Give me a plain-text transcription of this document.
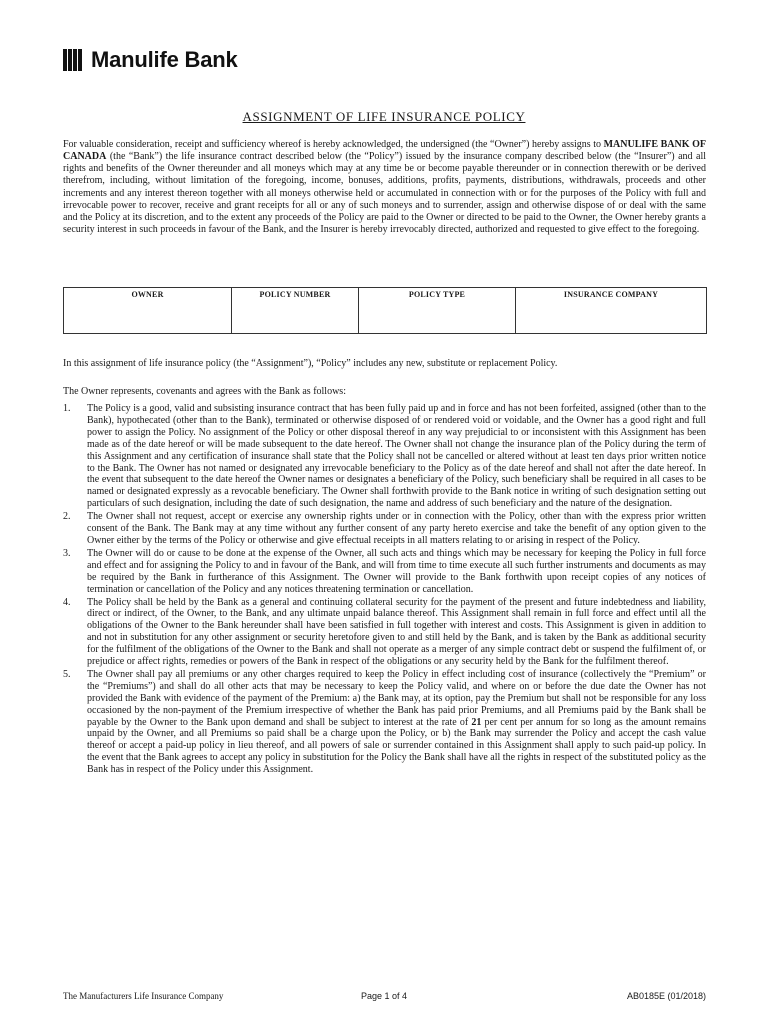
Manulife Bank
ASSIGNMENT OF LIFE INSURANCE POLICY

For valuable consideration, receipt and sufficiency whereof is hereby acknowledged, the undersigned (the “Owner”) hereby assigns to MANULIFE BANK OF CANADA (the “Bank”) the life insurance contract described below (the “Policy”) issued by the insurance company described below (the “Insurer”) and all rights and benefits of the Owner thereunder and all moneys which may at any time be or become payable thereunder or in connection therewith or be derived therefrom, including, without limitation of the foregoing, income, bonuses, additions, profits, payments, distributions, withdrawals, proceeds and other increments and any interest thereon together with all moneys otherwise held or accumulated in connection with or for the purposes of the Policy with full and irrevocable power to recover, receive and grant receipts for all or any of such moneys and to surrender, assign and otherwise dispose of or deal with the same and the Policy at its discretion, and to the extent any proceeds of the Policy are paid to the Owner or directed to be paid to the Owner, the Owner hereby grants a security interest in such proceeds in favour of the Bank, and the Insurer is hereby irrevocably directed, authorized and requested to give effect to the foregoing.

OWNER	POLICY NUMBER	POLICY TYPE	INSURANCE COMPANY
In this assignment of life insurance policy (the “Assignment”), “Policy” includes any new, substitute or replacement Policy.
The Owner represents, covenants and agrees with the Bank as follows:
1. The Policy is a good, valid and subsisting insurance contract that has been fully paid up and in force and has not been forfeited, assigned (other than to the Bank), hypothecated (other than to the Bank), terminated or otherwise disposed of or rendered void or voidable, and the Owner has a good right and full power to assign the Policy. No assignment of the Policy or other disposal thereof in any way prejudicial to or inconsistent with this Assignment has been made as of the date hereof or will be made subsequent to the date hereof. The Owner shall not change the insurance plan of the Policy during the term of this Assignment and any certification of insurance shall state that the Policy shall not be cancelled or altered without at least ten days prior written notice to the Bank. The Owner has not named or designated any irrevocable beneficiary to the Policy as of the date hereof and shall not after the date hereof. In the event that subsequent to the date hereof the Owner names or designates a beneficiary of the Policy, such beneficiary shall be required in all cases to be named or designated expressly as a revocable beneficiary. The Owner shall forthwith provide to the Bank notice in writing of such designation setting out particulars of such designation, including the date of such designation, the name and address of such beneficiary and the nature of the designation.
2. The Owner shall not request, accept or exercise any ownership rights under or in connection with the Policy, other than with the express prior written consent of the Bank. The Bank may at any time without any further consent of any party hereto exercise and take the benefit of any option given to the Owner either by the terms of the Policy or otherwise and give effectual receipts in all matters relating to or arising in respect of the Policy.
3. The Owner will do or cause to be done at the expense of the Owner, all such acts and things which may be necessary for keeping the Policy in full force and effect and for assigning the Policy to and in favour of the Bank, and will from time to time execute all such further instruments and documents as may be required by the Bank in furtherance of this Assignment. The Owner will provide to the Bank forthwith upon receipt copies of any notices of termination or cancellation of the Policy and any notices threatening termination or cancellation.
4. The Policy shall be held by the Bank as a general and continuing collateral security for the payment of the present and future indebtedness and liability, direct or indirect, of the Owner, to the Bank, and any ultimate unpaid balance thereof. This Assignment shall remain in full force and effect until all the obligations of the Owner to the Bank hereunder shall have been satisfied in full together with interest and costs. This Assignment is given in addition to and not in substitution for any other assignment or security heretofore given to and still held by the Bank, and is taken by the Bank as additional security for the fulfilment of the obligations of the Owner to the Bank and shall not operate as a merger of any simple contract debt or suspend the fulfilment of, or prejudice or affect rights, remedies or powers of the Bank in respect of the obligations or any security held by the Bank for the fulfilment thereof.
5. The Owner shall pay all premiums or any other charges required to keep the Policy in effect including cost of insurance (collectively the “Premium” or the “Premiums”) and shall do all other acts that may be necessary to keep the Policy valid, and where on or before the due date the Owner has not provided the Bank with evidence of the payment of the Premium: a) the Bank may, at its option, pay the Premium but shall not be responsible for any loss occasioned by the non-payment of the Premium irrespective of whether the Bank has paid prior Premiums, and all Premiums paid by the Bank shall be payable by the Owner to the Bank upon demand and shall be subject to interest at the rate of 21 per cent per annum for so long as the amount remains unpaid by the Owner, and all Premiums so paid shall be a charge upon the Policy, or b) the Bank may surrender the Policy and accept the cash value thereof or accept a paid-up policy in lieu thereof, and all powers of sale or surrender contained in this Assignment shall apply to such paid-up policy. In the event that the Bank agrees to accept any policy in substitution for the Policy the Bank shall have all the rights in respect of the substituted policy as the Bank has in respect of the Policy under this Assignment.
The Manufacturers Life Insurance Company	Page 1 of 4	AB0185E (01/2018)
